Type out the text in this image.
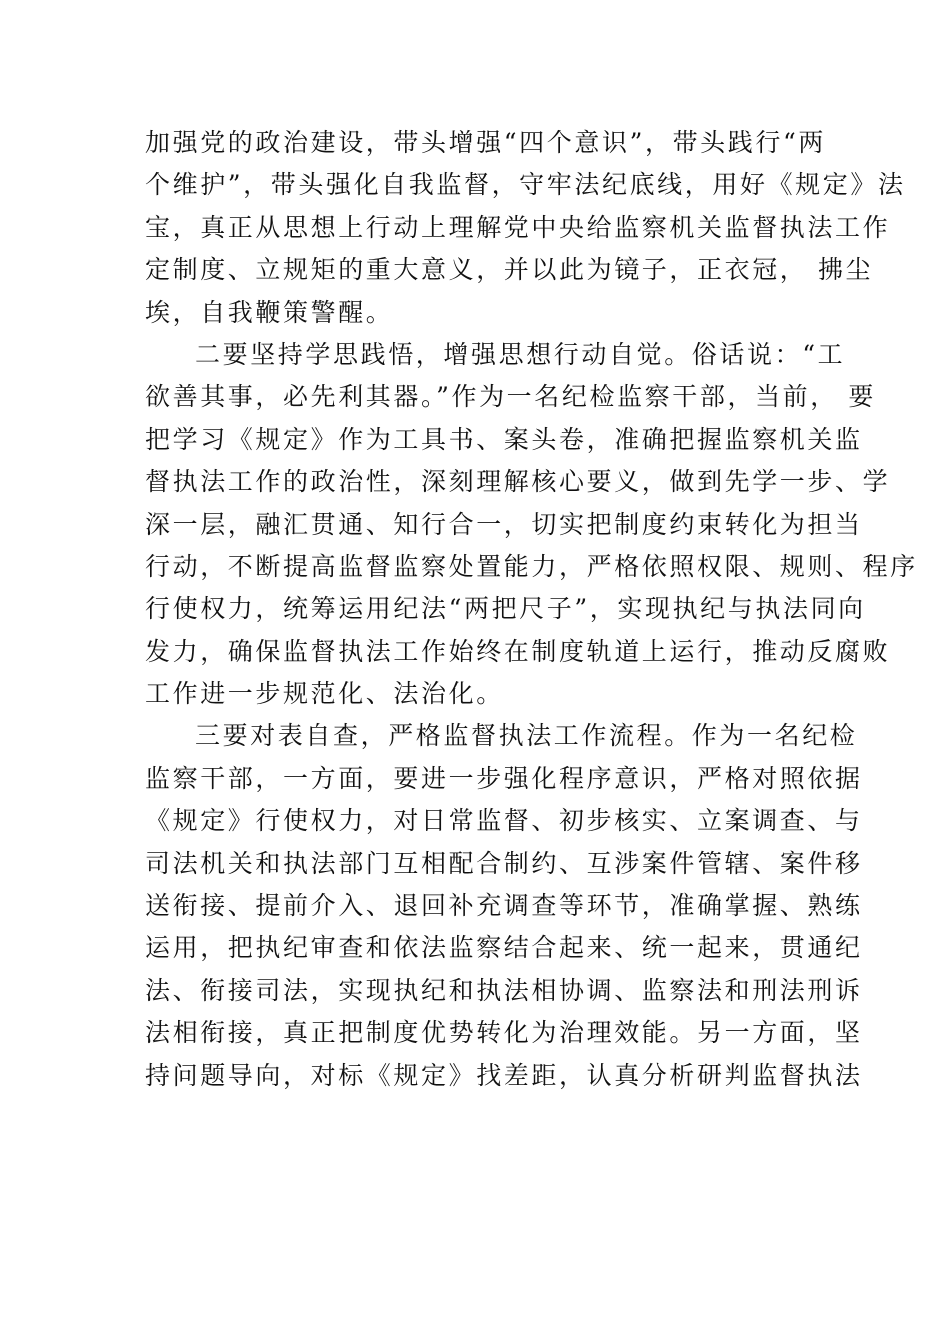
加强党的政治建设，带头增强“四个意识”，带头践行“两
个维护”，带头强化自我监督，守牢法纪底线，用好《规定》法
宝，真正从思想上行动上理解党中央给监察机关监督执法工作
定制度、立规矩的重大意义，并以此为镜子，正衣冠， 拂尘
埃，自我鞭策警醒。
二要坚持学思践悟，增强思想行动自觉。俗话说：“工
欲善其事，必先利其器。”作为一名纪检监察干部，当前， 要
把学习《规定》作为工具书、案头卷，准确把握监察机关监
督执法工作的政治性，深刻理解核心要义，做到先学一步、学
深一层，融汇贯通、知行合一，切实把制度约束转化为担当
行动，不断提高监督监察处置能力，严格依照权限、规则、程序
行使权力，统筹运用纪法“两把尺子”，实现执纪与执法同向
发力，确保监督执法工作始终在制度轨道上运行，推动反腐败
工作进一步规范化、法治化。
三要对表自查，严格监督执法工作流程。作为一名纪检
监察干部，一方面，要进一步强化程序意识，严格对照依据
《规定》行使权力，对日常监督、初步核实、立案调查、与
司法机关和执法部门互相配合制约、互涉案件管辖、案件移
送衔接、提前介入、退回补充调查等环节，准确掌握、熟练
运用，把执纪审查和依法监察结合起来、统一起来，贯通纪
法、衔接司法，实现执纪和执法相协调、监察法和刑法刑诉
法相衔接，真正把制度优势转化为治理效能。另一方面，坚
持问题导向，对标《规定》找差距，认真分析研判监督执法
